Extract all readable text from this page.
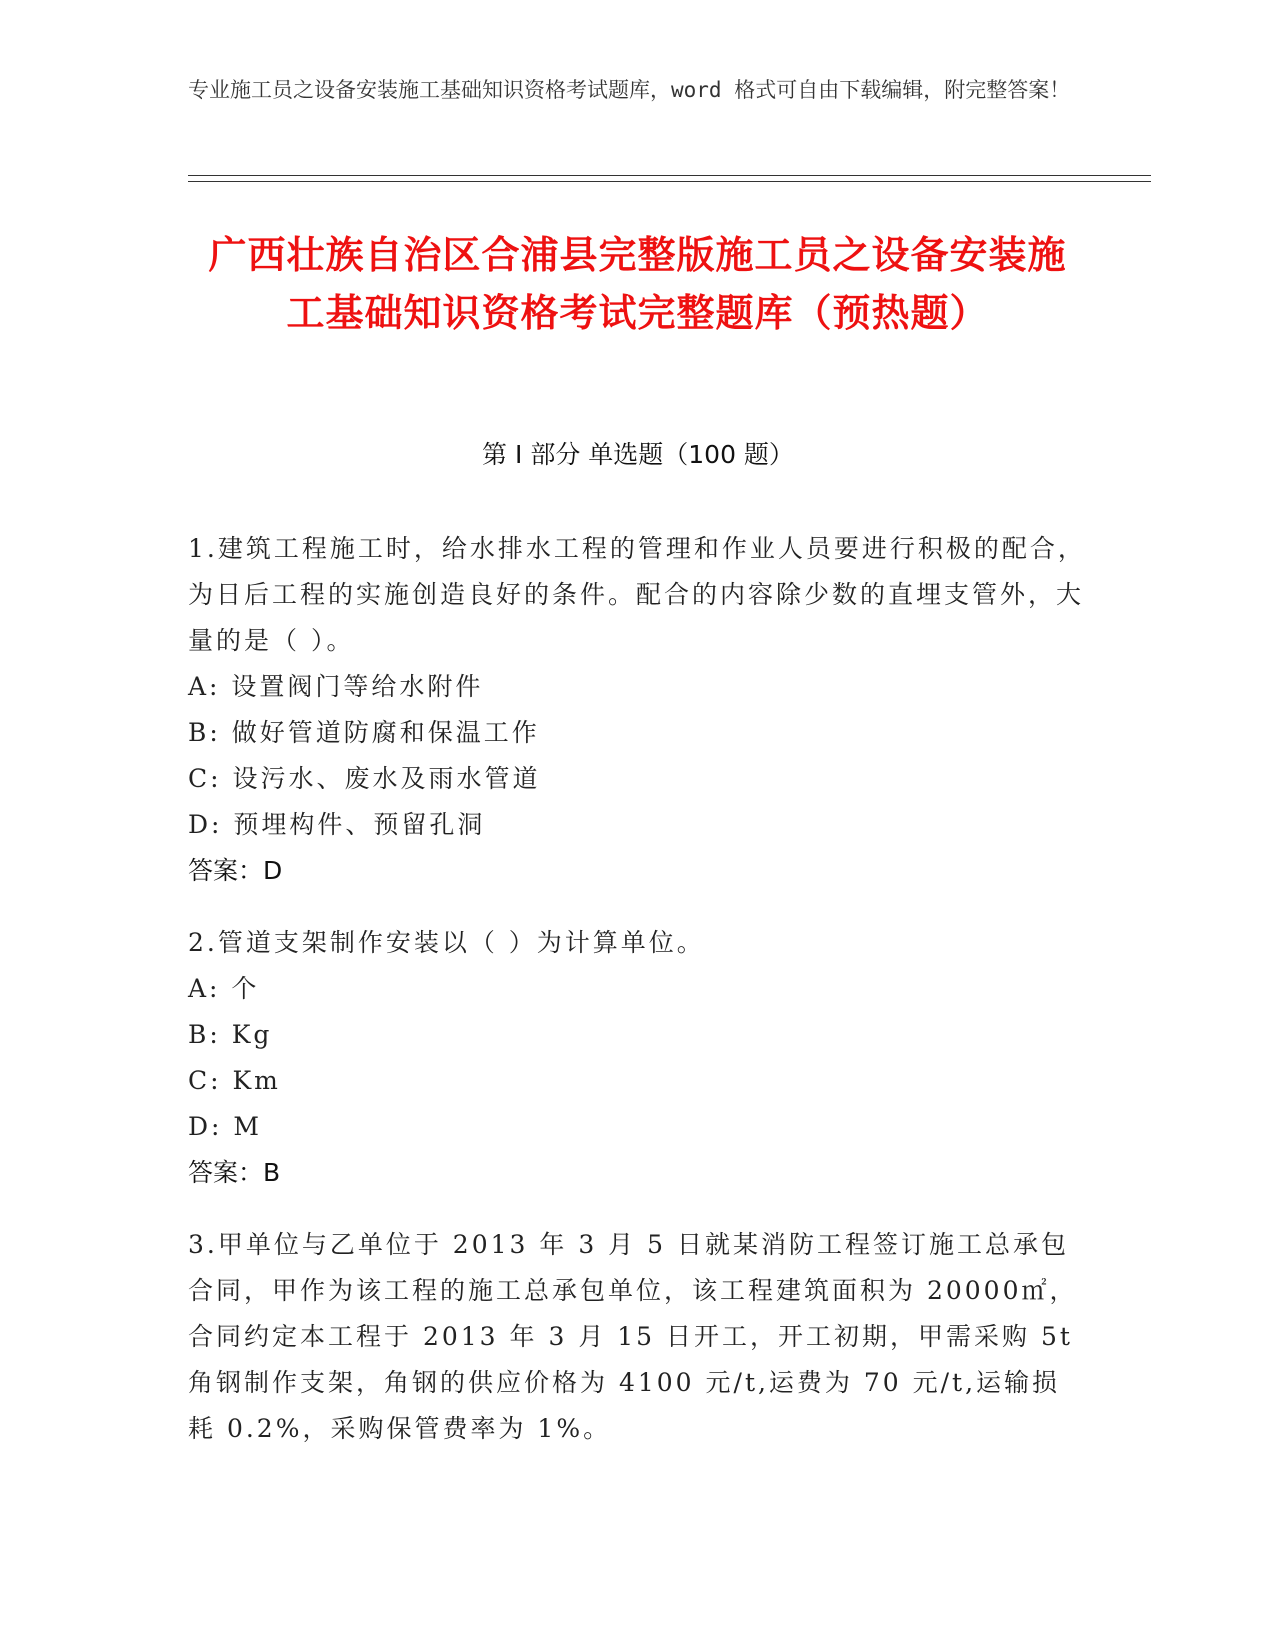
专业施工员之设备安装施工基础知识资格考试题库，word 格式可自由下载编辑，附完整答案！
广西壮族自治区合浦县完整版施工员之设备安装施工基础知识资格考试完整题库（预热题）
第 I 部分 单选题（100 题）
1.建筑工程施工时，给水排水工程的管理和作业人员要进行积极的配合，为日后工程的实施创造良好的条件。配合的内容除少数的直埋支管外，大量的是（ ）。
A: 设置阀门等给水附件
B: 做好管道防腐和保温工作
C: 设污水、废水及雨水管道
D: 预埋构件、预留孔洞
答案：D
2.管道支架制作安装以（ ）为计算单位。
A: 个
B: Kg
C: Km
D: M
答案：B
3.甲单位与乙单位于 2013 年 3 月 5 日就某消防工程签订施工总承包合同，甲作为该工程的施工总承包单位，该工程建筑面积为 20000㎡，合同约定本工程于 2013 年 3 月 15 日开工，开工初期，甲需采购 5t 角钢制作支架，角钢的供应价格为 4100 元/t,运费为 70 元/t,运输损耗 0.2%，采购保管费率为 1%。
